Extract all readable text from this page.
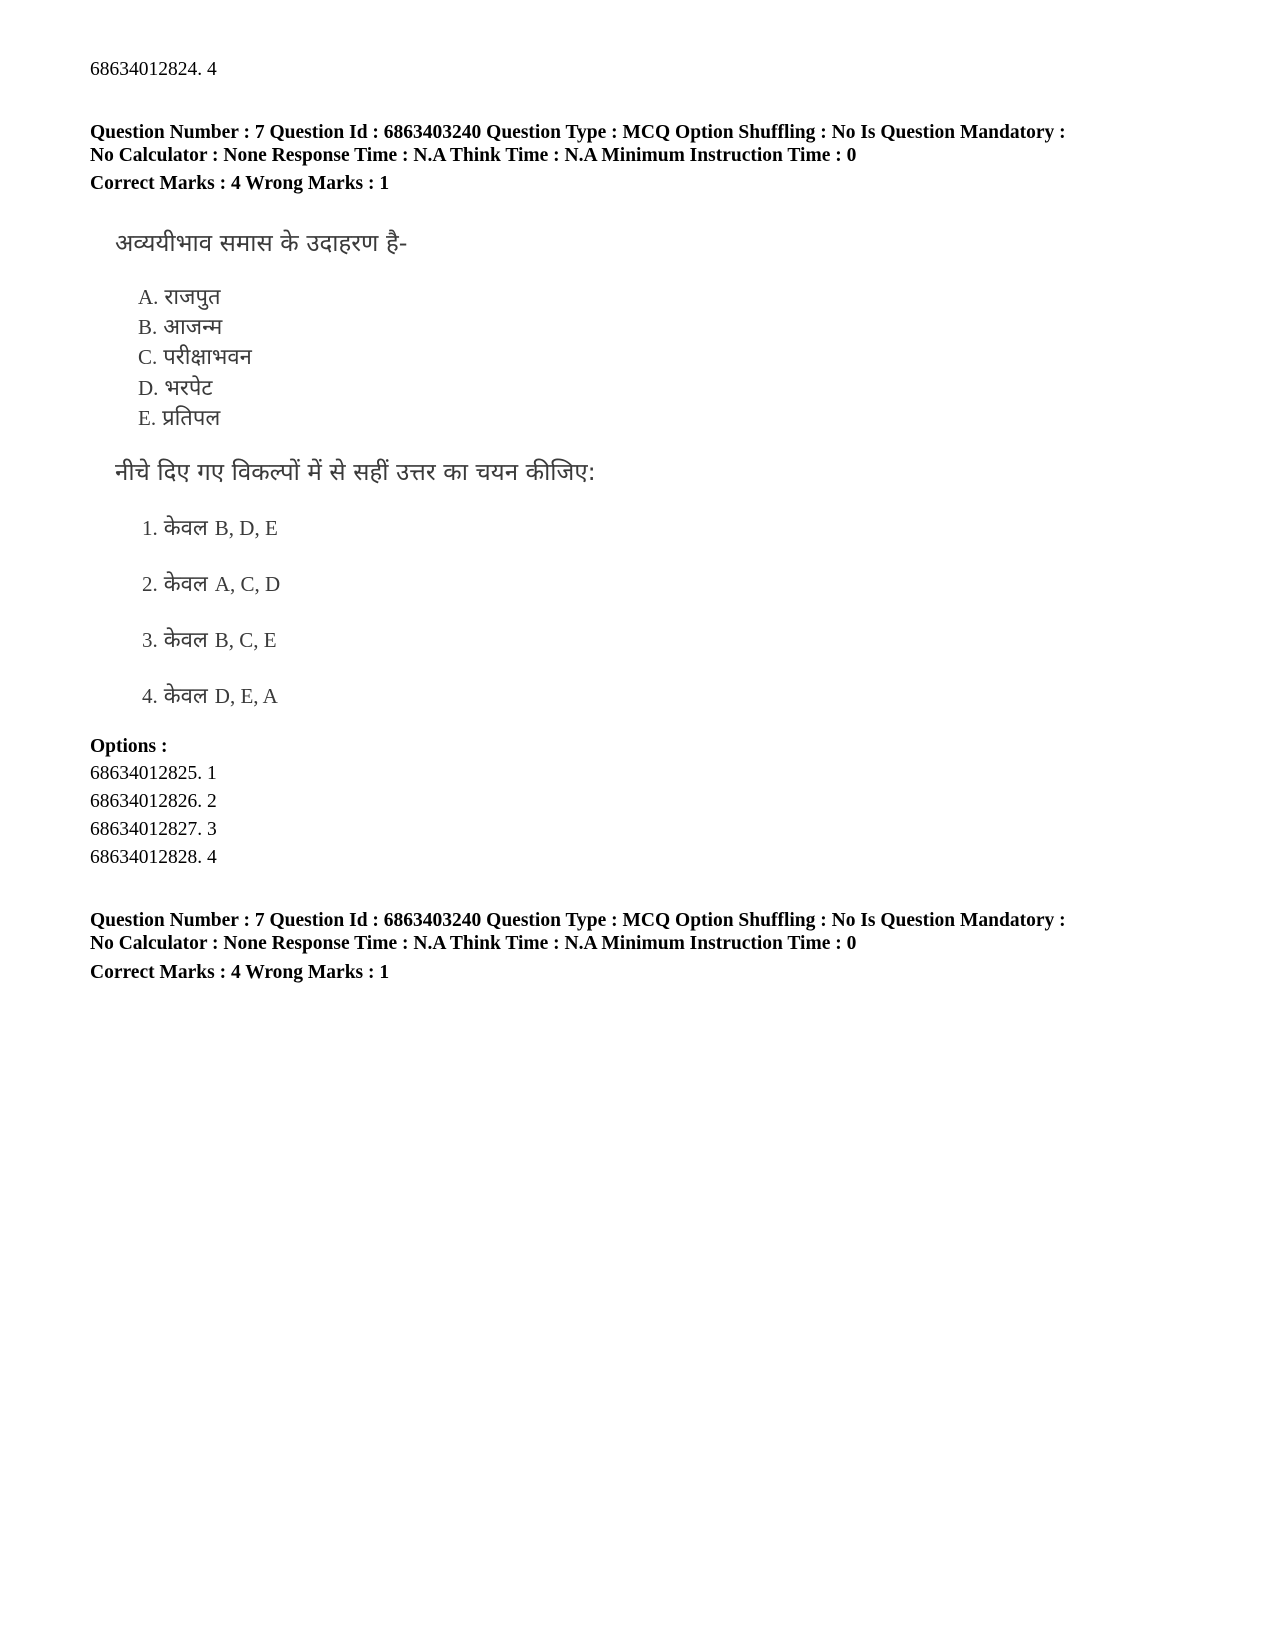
68634012824. 4
Question Number : 7 Question Id : 6863403240 Question Type : MCQ Option Shuffling : No Is Question Mandatory :
No Calculator : None Response Time : N.A Think Time : N.A Minimum Instruction Time : 0
Correct Marks : 4 Wrong Marks : 1
अव्ययीभाव समास के उदाहरण है-
A. राजपुत
B. आजन्म
C. परीक्षाभवन
D. भरपेट
E. प्रतिपल
नीचे दिए गए विकल्पों में से सहीं उत्तर का चयन कीजिए:
1. केवल B, D, E
2. केवल A, C, D
3. केवल B, C, E
4. केवल D, E, A
Options :
68634012825. 1
68634012826. 2
68634012827. 3
68634012828. 4
Question Number : 7 Question Id : 6863403240 Question Type : MCQ Option Shuffling : No Is Question Mandatory :
No Calculator : None Response Time : N.A Think Time : N.A Minimum Instruction Time : 0
Correct Marks : 4 Wrong Marks : 1
